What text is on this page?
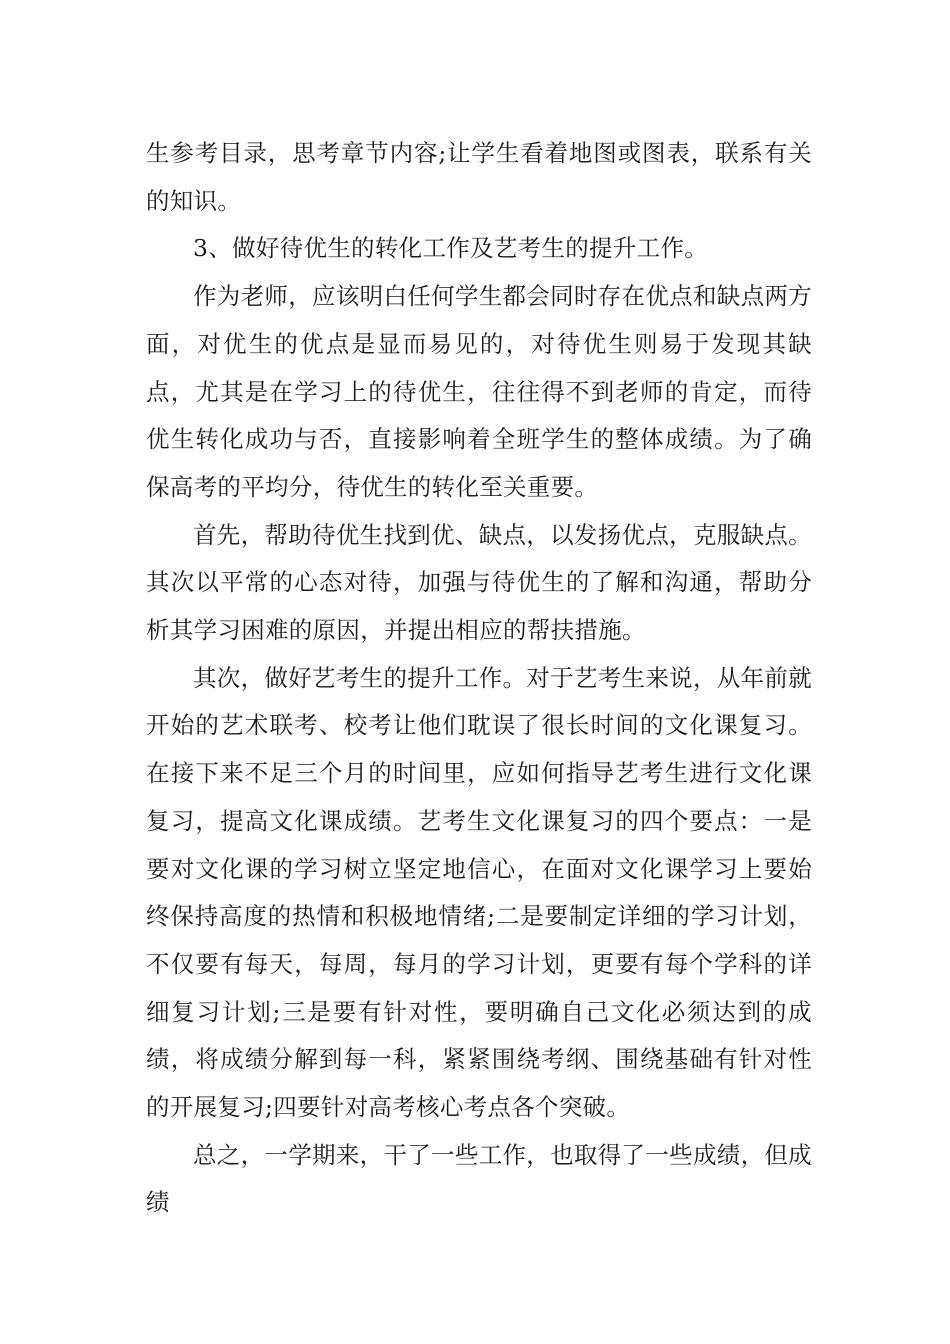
生参考目录，思考章节内容;让学生看着地图或图表，联系有关的知识。

3、做好待优生的转化工作及艺考生的提升工作。

作为老师，应该明白任何学生都会同时存在优点和缺点两方面，对优生的优点是显而易见的，对待优生则易于发现其缺点，尤其是在学习上的待优生，往往得不到老师的肯定，而待优生转化成功与否，直接影响着全班学生的整体成绩。为了确保高考的平均分，待优生的转化至关重要。

首先，帮助待优生找到优、缺点，以发扬优点，克服缺点。其次以平常的心态对待，加强与待优生的了解和沟通，帮助分析其学习困难的原因，并提出相应的帮扶措施。

其次，做好艺考生的提升工作。对于艺考生来说，从年前就开始的艺术联考、校考让他们耽误了很长时间的文化课复习。在接下来不足三个月的时间里，应如何指导艺考生进行文化课复习，提高文化课成绩。艺考生文化课复习的四个要点：一是要对文化课的学习树立坚定地信心，在面对文化课学习上要始终保持高度的热情和积极地情绪;二是要制定详细的学习计划，不仅要有每天，每周，每月的学习计划，更要有每个学科的详细复习计划;三是要有针对性，要明确自己文化必须达到的成绩，将成绩分解到每一科，紧紧围绕考纲、围绕基础有针对性的开展复习;四要针对高考核心考点各个突破。

总之，一学期来，干了一些工作，也取得了一些成绩，但成绩
